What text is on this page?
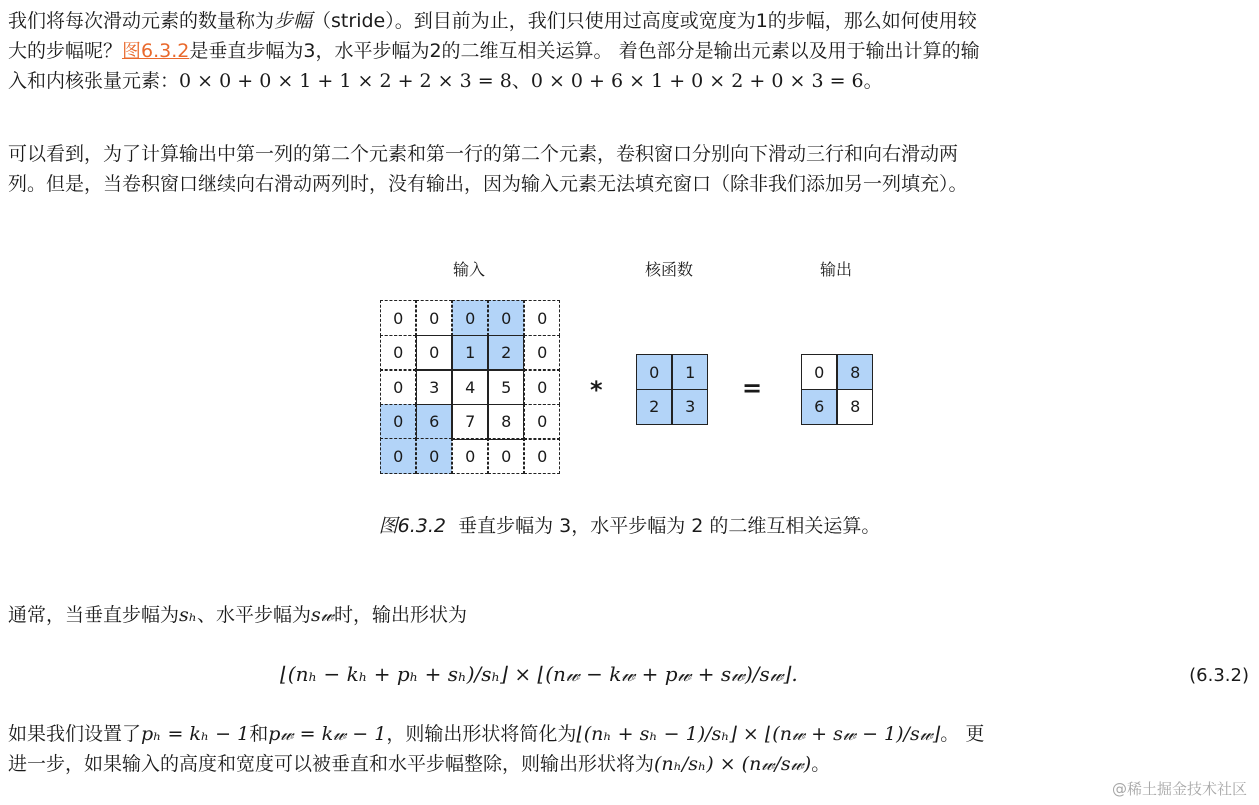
我们将每次滑动元素的数量称为步幅（stride）。到目前为止，我们只使用过高度或宽度为1的步幅，那么如何使用较
大的步幅呢？图6.3.2是垂直步幅为3，水平步幅为2的二维互相关运算。 着色部分是输出元素以及用于输出计算的输
入和内核张量元素：0 × 0 + 0 × 1 + 1 × 2 + 2 × 3 = 8、0 × 0 + 6 × 1 + 0 × 2 + 0 × 3 = 6。

可以看到，为了计算输出中第一列的第二个元素和第一行的第二个元素，卷积窗口分别向下滑动三行和向右滑动两
列。但是，当卷积窗口继续向右滑动两列时，没有输出，因为输入元素无法填充窗口（除非我们添加另一列填充）。

输入	核函数	输出
0	0	0	0	0
0	0	1	2	0
0	3	4	5	0
0	6	7	8	0
0	0	0	0	0
*
0	1
2	3
=
0	8
6	8
图6.3.2 垂直步幅为 3，水平步幅为 2 的二维互相关运算。

通常，当垂直步幅为sₕ、水平步幅为s𝓌时，输出形状为

⌊(nₕ − kₕ + pₕ + sₕ)/sₕ⌋ × ⌊(n𝓌 − k𝓌 + p𝓌 + s𝓌)/s𝓌⌋.	(6.3.2)

如果我们设置了pₕ = kₕ − 1和p𝓌 = k𝓌 − 1，则输出形状将简化为⌊(nₕ + sₕ − 1)/sₕ⌋ × ⌊(n𝓌 + s𝓌 − 1)/s𝓌⌋。 更
进一步，如果输入的高度和宽度可以被垂直和水平步幅整除，则输出形状将为(nₕ/sₕ) × (n𝓌/s𝓌)。

@稀土掘金技术社区
